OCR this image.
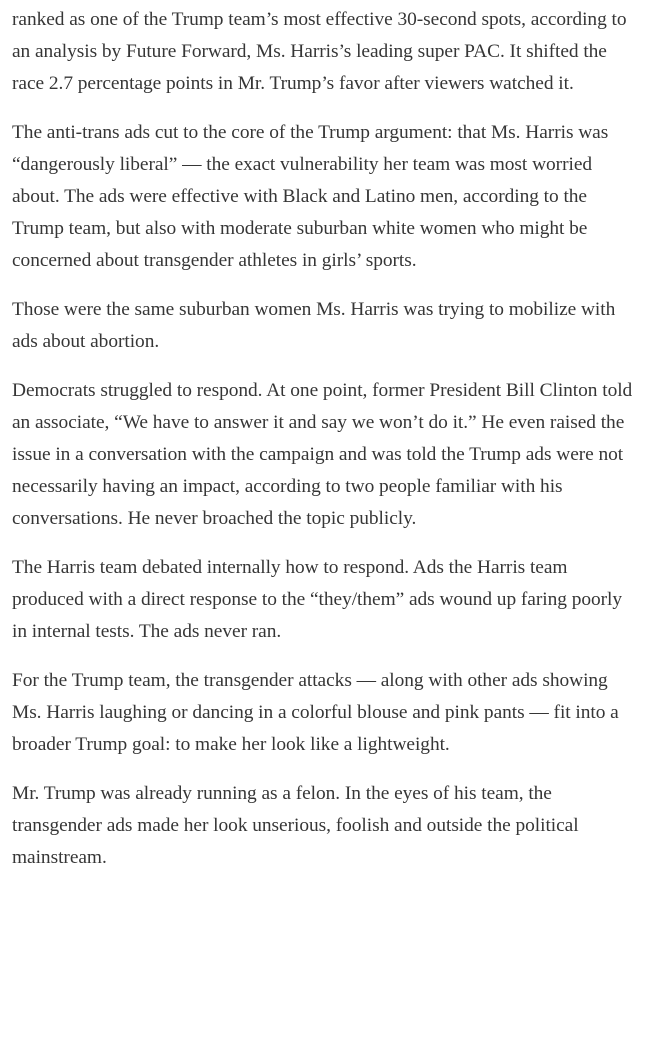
ranked as one of the Trump team’s most effective 30-second spots, according to an analysis by Future Forward, Ms. Harris’s leading super PAC. It shifted the race 2.7 percentage points in Mr. Trump’s favor after viewers watched it.

The anti-trans ads cut to the core of the Trump argument: that Ms. Harris was “dangerously liberal” — the exact vulnerability her team was most worried about. The ads were effective with Black and Latino men, according to the Trump team, but also with moderate suburban white women who might be concerned about transgender athletes in girls’ sports.

Those were the same suburban women Ms. Harris was trying to mobilize with ads about abortion.

Democrats struggled to respond. At one point, former President Bill Clinton told an associate, “We have to answer it and say we won’t do it.” He even raised the issue in a conversation with the campaign and was told the Trump ads were not necessarily having an impact, according to two people familiar with his conversations. He never broached the topic publicly.

The Harris team debated internally how to respond. Ads the Harris team produced with a direct response to the “they/them” ads wound up faring poorly in internal tests. The ads never ran.

For the Trump team, the transgender attacks — along with other ads showing Ms. Harris laughing or dancing in a colorful blouse and pink pants — fit into a broader Trump goal: to make her look like a lightweight.

Mr. Trump was already running as a felon. In the eyes of his team, the transgender ads made her look unserious, foolish and outside the political mainstream.
